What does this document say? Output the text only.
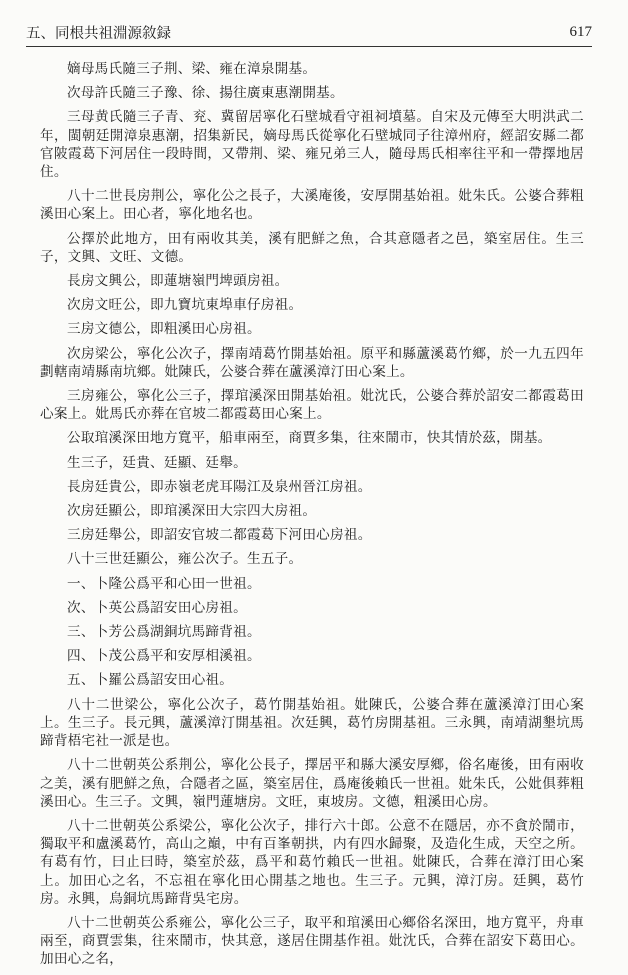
五、同根共祖淵源敘録	617

嫡母馬氏隨三子荆、梁、雍在漳泉開基。

次母許氏隨三子豫、徐、揚往廣東惠潮開基。

三母黄氏隨三子青、兖、冀留居寧化石壁城看守祖祠墳墓。自宋及元傳至大明洪武二年，閩朝廷開漳泉惠潮，招集新民，嫡母馬氏從寧化石壁城同子往漳州府，經詔安縣二都官陂霞葛下河居住一段時間，又帶荆、梁、雍兄弟三人，隨母馬氏相率往平和一帶擇地居住。

八十二世長房荆公，寧化公之長子，大溪庵後，安厚開基始祖。妣朱氏。公婆合葬粗溪田心案上。田心者，寧化地名也。

公擇於此地方，田有兩收其美，溪有肥鮮之魚，合其意隱者之邑，築室居住。生三子，文興、文旺、文德。

長房文興公，即蓮塘嶺門埤頭房祖。

次房文旺公，即九寶坑東埠車仔房祖。

三房文德公，即粗溪田心房祖。

次房梁公，寧化公次子，擇南靖葛竹開基始祖。原平和縣蘆溪葛竹鄉，於一九五四年劃轄南靖縣南坑鄉。妣陳氏，公婆合葬在蘆溪漳汀田心案上。

三房雍公，寧化公三子，擇琯溪深田開基始祖。妣沈氏，公婆合葬於詔安二都霞葛田心案上。妣馬氏亦葬在官坡二都霞葛田心案上。

公取琯溪深田地方寬平，船車兩至，商賈多集，往來鬧市，快其情於茲，開基。

生三子，廷貴、廷顯、廷舉。

長房廷貴公，即赤嶺老虎耳陽江及泉州晉江房祖。

次房廷顯公，即琯溪深田大宗四大房祖。

三房廷舉公，即詔安官坡二都霞葛下河田心房祖。

八十三世廷顯公，雍公次子。生五子。

一、卜隆公爲平和心田一世祖。

次、卜英公爲詔安田心房祖。

三、卜芳公爲湖銅坑馬蹄背祖。

四、卜茂公爲平和安厚相溪祖。

五、卜羅公爲詔安田心祖。

八十二世梁公，寧化公次子，葛竹開基始祖。妣陳氏，公婆合葬在蘆溪漳汀田心案上。生三子。長元興，蘆溪漳汀開基祖。次廷興，葛竹房開基祖。三永興，南靖湖墾坑馬蹄背梧宅社一派是也。

八十二世朝英公系荆公，寧化公長子，擇居平和縣大溪安厚鄉，俗名庵後，田有兩收之美，溪有肥鮮之魚，合隱者之區，築室居住，爲庵後賴氏一世祖。妣朱氏，公妣俱葬粗溪田心。生三子。文興，嶺門蓮塘房。文旺，東坡房。文德，粗溪田心房。

八十二世朝英公系梁公，寧化公次子，排行六十郎。公意不在隱居，亦不貪於鬧市，獨取平和盧溪葛竹，高山之巔，中有百峯朝拱，内有四水歸聚，及造化生成，天空之所。有葛有竹，曰止曰時，築室於茲，爲平和葛竹賴氏一世祖。妣陳氏，合葬在漳汀田心案上。加田心之名，不忘祖在寧化田心開基之地也。生三子。元興，漳汀房。廷興，葛竹房。永興，烏銅坑馬蹄背吳宅房。

八十二世朝英公系雍公，寧化公三子，取平和琯溪田心鄉俗名深田，地方寬平，舟車兩至，商賈雲集，往來鬧市，快其意，遂居住開基作祖。妣沈氏，合葬在詔安下葛田心。加田心之名，
